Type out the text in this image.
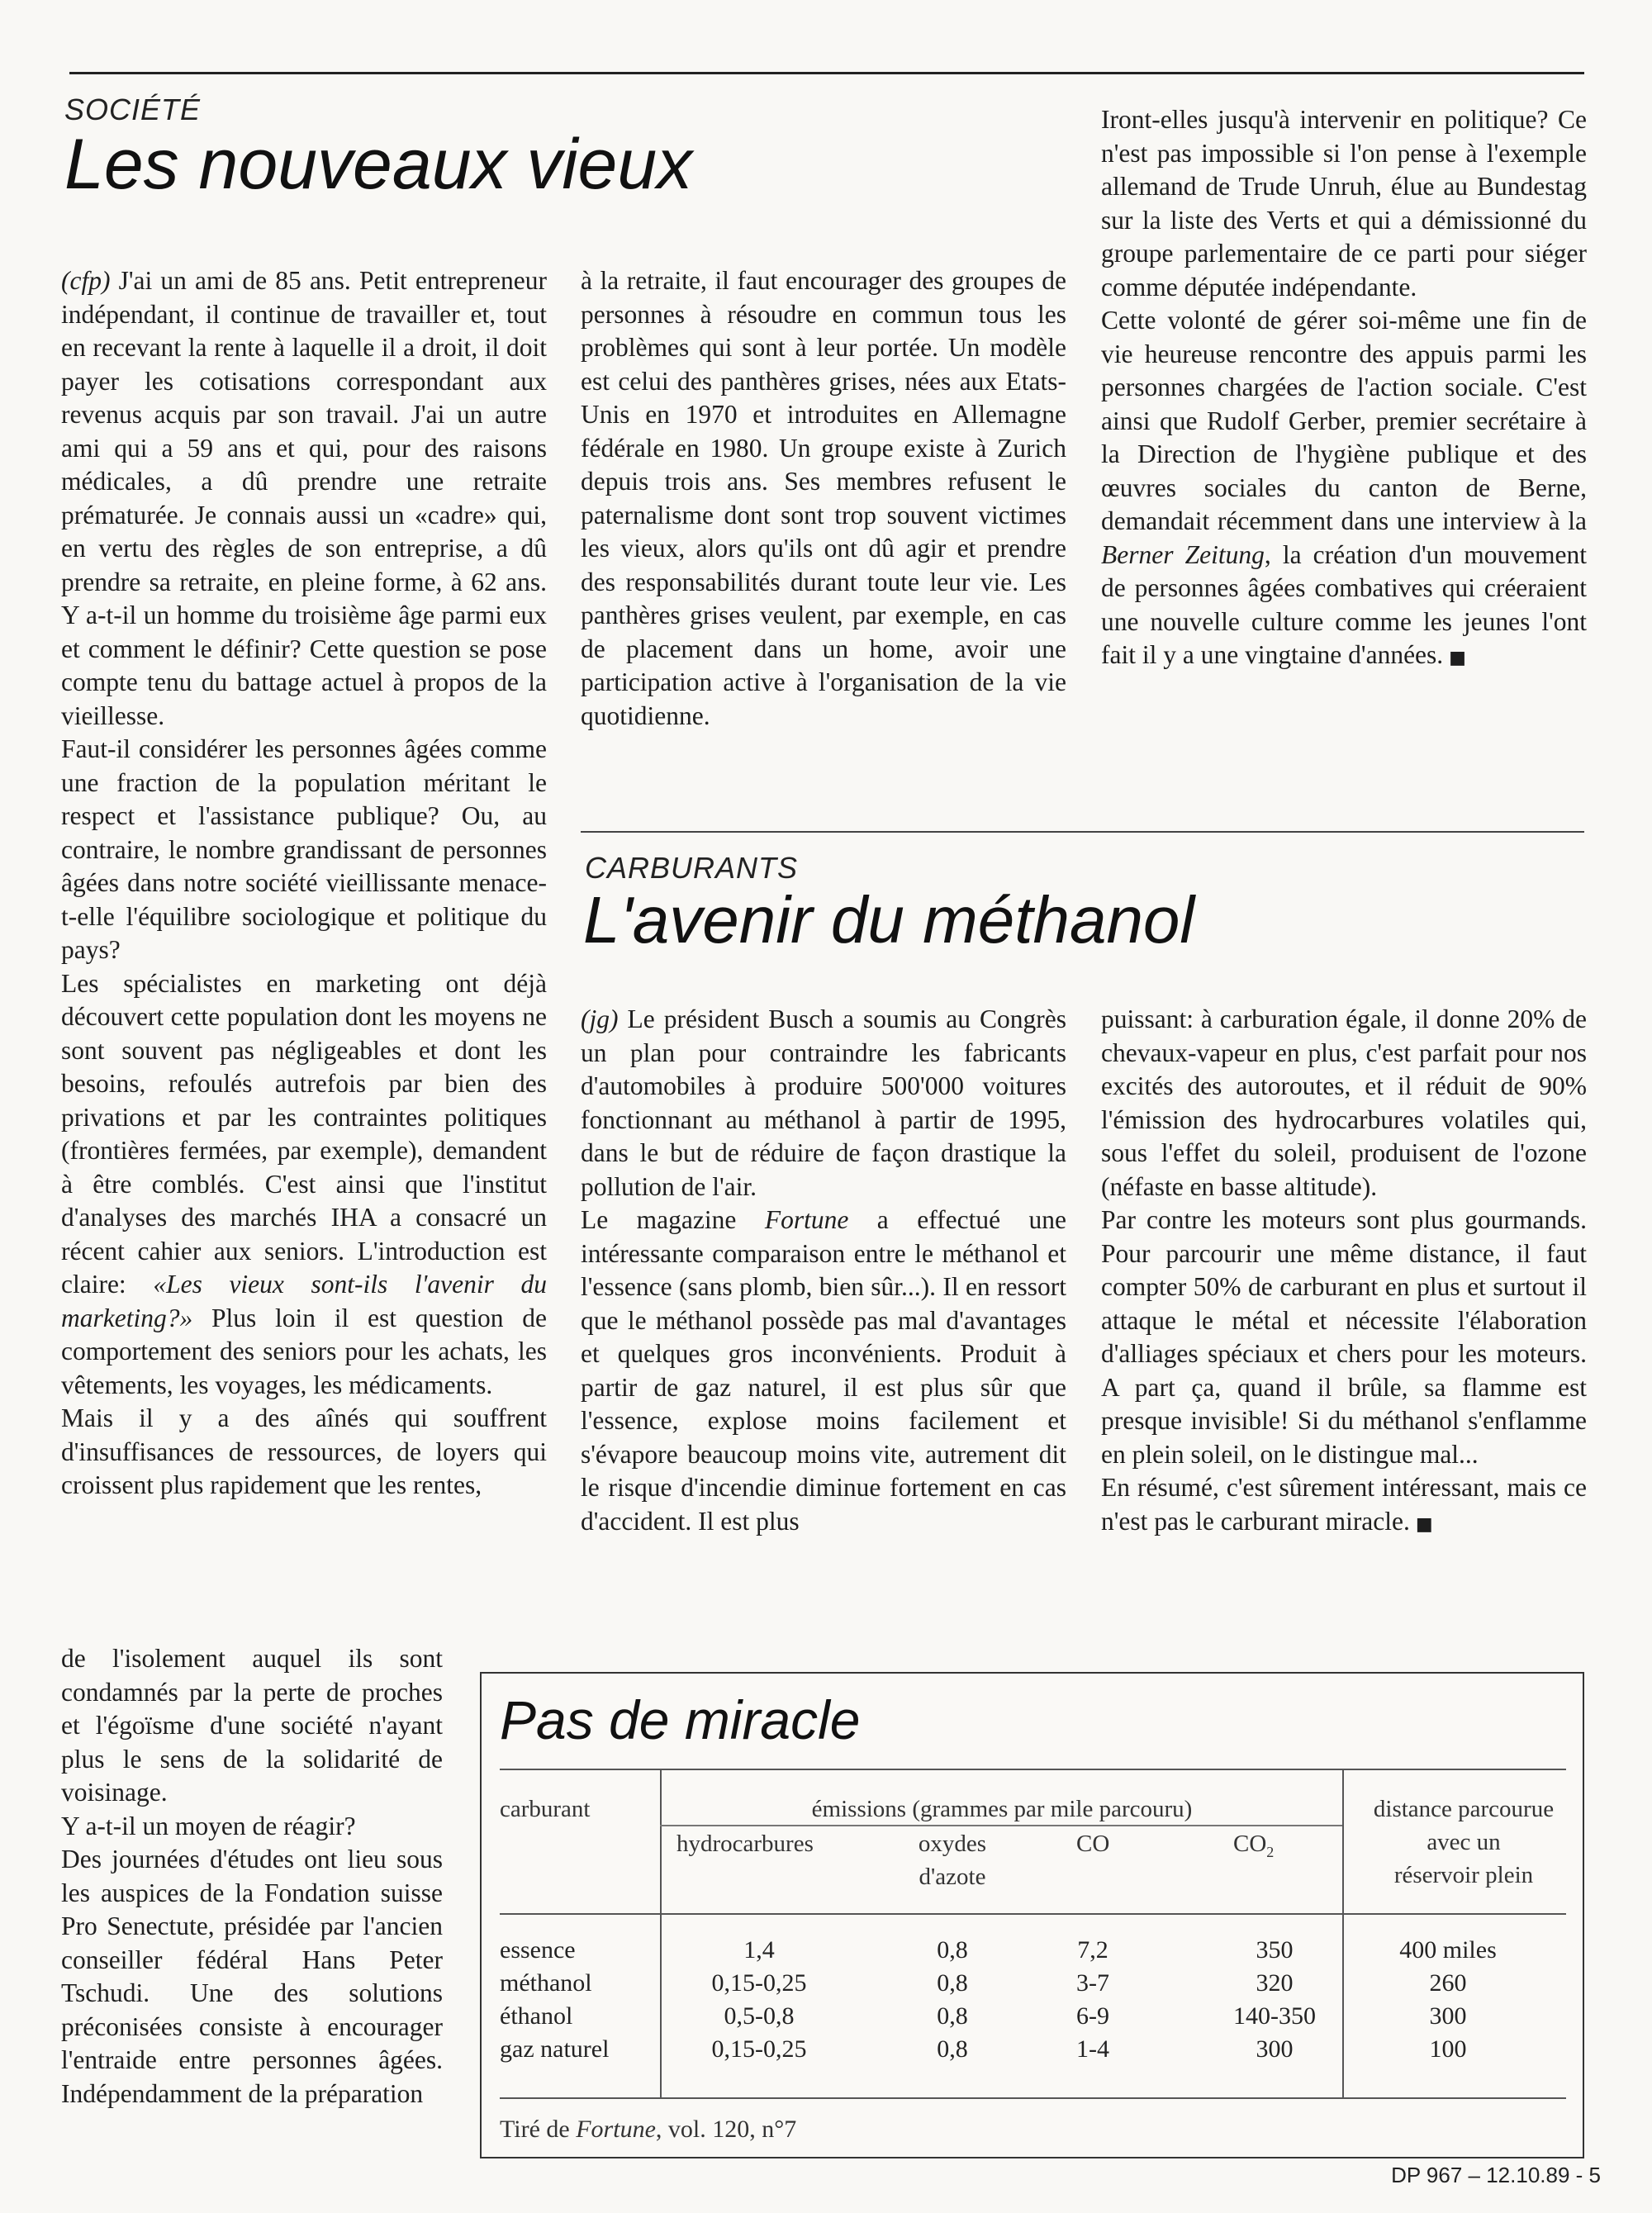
SOCIÉTÉ
Les nouveaux vieux

(cfp) J'ai un ami de 85 ans. Petit entrepreneur indépendant, il continue de travailler et, tout en recevant la rente à laquelle il a droit, il doit payer les cotisations correspondant aux revenus acquis par son travail. J'ai un autre ami qui a 59 ans et qui, pour des raisons médicales, a dû prendre une retraite prématurée. Je connais aussi un «cadre» qui, en vertu des règles de son entreprise, a dû prendre sa retraite, en pleine forme, à 62 ans. Y a-t-il un homme du troisième âge parmi eux et comment le définir? Cette question se pose compte tenu du battage actuel à propos de la vieillesse.

Faut-il considérer les personnes âgées comme une fraction de la population méritant le respect et l'assistance publique? Ou, au contraire, le nombre grandissant de personnes âgées dans notre société vieillissante menace-t-elle l'équilibre sociologique et politique du pays?

Les spécialistes en marketing ont déjà découvert cette population dont les moyens ne sont souvent pas négligeables et dont les besoins, refoulés autrefois par bien des privations et par les contraintes politiques (frontières fermées, par exemple), demandent à être comblés. C'est ainsi que l'institut d'analyses des marchés IHA a consacré un récent cahier aux seniors. L'introduction est claire: «Les vieux sont-ils l'avenir du marketing?» Plus loin il est question de comportement des seniors pour les achats, les vêtements, les voyages, les médicaments.

Mais il y a des aînés qui souffrent d'insuffisances de ressources, de loyers qui croissent plus rapidement que les rentes,

de l'isolement auquel ils sont condamnés par la perte de proches et l'égoïsme d'une société n'ayant plus le sens de la solidarité de voisinage.

Y a-t-il un moyen de réagir?

Des journées d'études ont lieu sous les auspices de la Fondation suisse Pro Senectute, présidée par l'ancien conseiller fédéral Hans Peter Tschudi. Une des solutions préconisées consiste à encourager l'entraide entre personnes âgées. Indépendamment de la préparation

à la retraite, il faut encourager des groupes de personnes à résoudre en commun tous les problèmes qui sont à leur portée. Un modèle est celui des panthères grises, nées aux Etats-Unis en 1970 et introduites en Allemagne fédérale en 1980. Un groupe existe à Zurich depuis trois ans. Ses membres refusent le paternalisme dont sont trop souvent victimes les vieux, alors qu'ils ont dû agir et prendre des responsabilités durant toute leur vie. Les panthères grises veulent, par exemple, en cas de placement dans un home, avoir une participation active à l'organisation de la vie quotidienne.

Iront-elles jusqu'à intervenir en politique? Ce n'est pas impossible si l'on pense à l'exemple allemand de Trude Unruh, élue au Bundestag sur la liste des Verts et qui a démissionné du groupe parlementaire de ce parti pour siéger comme députée indépendante.

Cette volonté de gérer soi-même une fin de vie heureuse rencontre des appuis parmi les personnes chargées de l'action sociale. C'est ainsi que Rudolf Gerber, premier secrétaire à la Direction de l'hygiène publique et des œuvres sociales du canton de Berne, demandait récemment dans une interview à la Berner Zeitung, la création d'un mouvement de personnes âgées combatives qui créeraient une nouvelle culture comme les jeunes l'ont fait il y a une vingtaine d'années. ■

CARBURANTS
L'avenir du méthanol

(jg) Le président Busch a soumis au Congrès un plan pour contraindre les fabricants d'automobiles à produire 500'000 voitures fonctionnant au méthanol à partir de 1995, dans le but de réduire de façon drastique la pollution de l'air.

Le magazine Fortune a effectué une intéressante comparaison entre le méthanol et l'essence (sans plomb, bien sûr...). Il en ressort que le méthanol possède pas mal d'avantages et quelques gros inconvénients. Produit à partir de gaz naturel, il est plus sûr que l'essence, explose moins facilement et s'évapore beaucoup moins vite, autrement dit le risque d'incendie diminue fortement en cas d'accident. Il est plus

puissant: à carburation égale, il donne 20% de chevaux-vapeur en plus, c'est parfait pour nos excités des autoroutes, et il réduit de 90% l'émission des hydrocarbures volatiles qui, sous l'effet du soleil, produisent de l'ozone (néfaste en basse altitude).

Par contre les moteurs sont plus gourmands. Pour parcourir une même distance, il faut compter 50% de carburant en plus et surtout il attaque le métal et nécessite l'élaboration d'alliages spéciaux et chers pour les moteurs. A part ça, quand il brûle, sa flamme est presque invisible! Si du méthanol s'enflamme en plein soleil, on le distingue mal...

En résumé, c'est sûrement intéressant, mais ce n'est pas le carburant miracle. ■

Pas de miracle
carburant	émissions (grammes par mile parcouru)
hydrocarbures	oxydes
d'azote
CO	$CO_2$
distance parcourue
avec un
réservoir plein
essence	1,4	0,8	7,2	350	400 miles
méthanol	0,15-0,25	0,8	3-7	320	260
éthanol	0,5-0,8	0,8	6-9	140-350	300
gaz naturel	0,15-0,25	0,8	1-4	300	100
Tiré de Fortune, vol. 120, n°7
DP 967 – 12.10.89 - 5
